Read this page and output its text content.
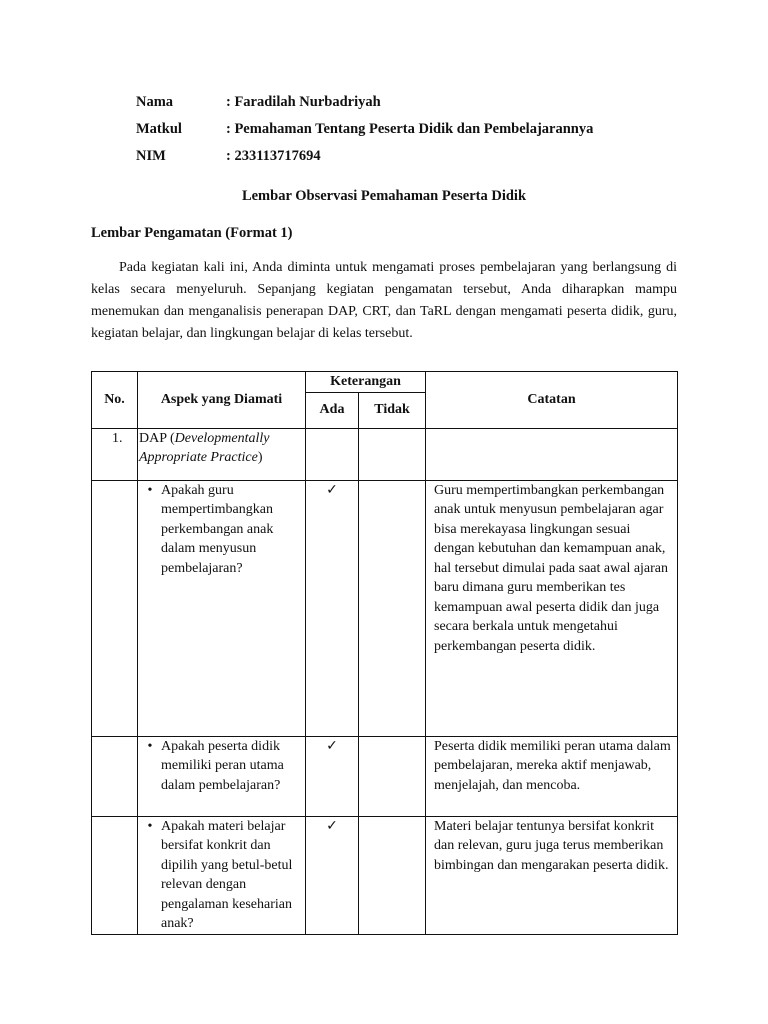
Nama	: Faradilah Nurbadriyah
Matkul	: Pemahaman Tentang Peserta Didik dan Pembelajarannya
NIM	: 233113717694
Lembar Observasi Pemahaman Peserta Didik
Lembar Pengamatan (Format 1)

Pada kegiatan kali ini, Anda diminta untuk mengamati proses pembelajaran yang berlangsung di kelas secara menyeluruh. Sepanjang kegiatan pengamatan tersebut, Anda diharapkan mampu menemukan dan menganalisis penerapan DAP, CRT, dan TaRL dengan mengamati peserta didik, guru, kegiatan belajar, dan lingkungan belajar di kelas tersebut.

No.	Aspek yang Diamati	Keterangan		Catatan
		Ada	Tidak	
1.	DAP (Developmentally Appropriate Practice)			

	• Apakah guru mempertimbangkan perkembangan anak dalam menyusun pembelajaran?	✓		Guru mempertimbangkan perkembangan anak untuk menyusun pembelajaran agar bisa merekayasa lingkungan sesuai dengan kebutuhan dan kemampuan anak, hal tersebut dimulai pada saat awal ajaran baru dimana guru memberikan tes kemampuan awal peserta didik dan juga secara berkala untuk mengetahui perkembangan peserta didik.

	• Apakah peserta didik memiliki peran utama dalam pembelajaran?	✓		Peserta didik memiliki peran utama dalam pembelajaran, mereka aktif menjawab, menjelajah, dan mencoba.

	• Apakah materi belajar bersifat konkrit dan dipilih yang betul-betul relevan dengan pengalaman keseharian anak?	✓		Materi belajar tentunya bersifat konkrit dan relevan, guru juga terus memberikan bimbingan dan mengarakan peserta didik.
